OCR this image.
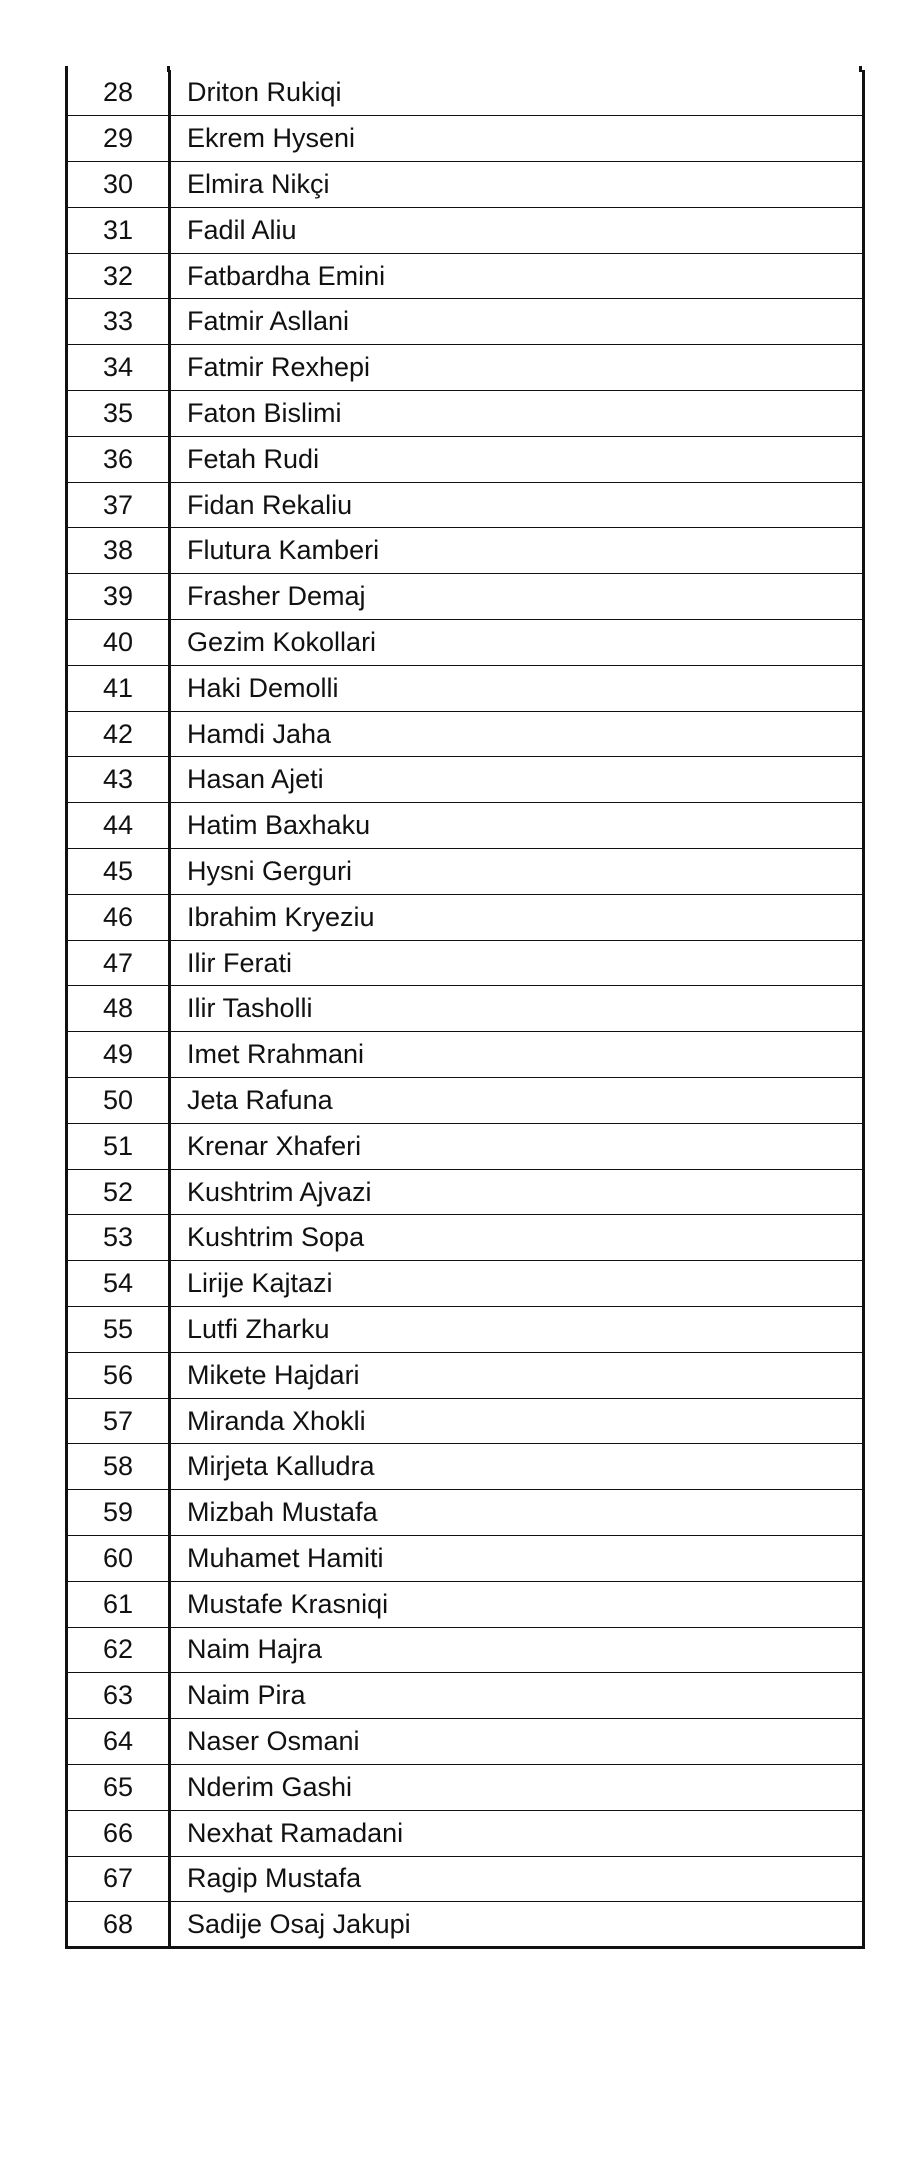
28	Driton Rukiqi
29	Ekrem Hyseni
30	Elmira Nikçi
31	Fadil Aliu
32	Fatbardha Emini
33	Fatmir Asllani
34	Fatmir Rexhepi
35	Faton Bislimi
36	Fetah Rudi
37	Fidan Rekaliu
38	Flutura Kamberi
39	Frasher Demaj
40	Gezim Kokollari
41	Haki Demolli
42	Hamdi Jaha
43	Hasan Ajeti
44	Hatim Baxhaku
45	Hysni Gerguri
46	Ibrahim Kryeziu
47	Ilir Ferati
48	Ilir Tasholli
49	Imet Rrahmani
50	Jeta Rafuna
51	Krenar Xhaferi
52	Kushtrim Ajvazi
53	Kushtrim Sopa
54	Lirije Kajtazi
55	Lutfi Zharku
56	Mikete Hajdari
57	Miranda Xhokli
58	Mirjeta Kalludra
59	Mizbah Mustafa
60	Muhamet Hamiti
61	Mustafe Krasniqi
62	Naim Hajra
63	Naim Pira
64	Naser Osmani
65	Nderim Gashi
66	Nexhat Ramadani
67	Ragip Mustafa
68	Sadije Osaj Jakupi
